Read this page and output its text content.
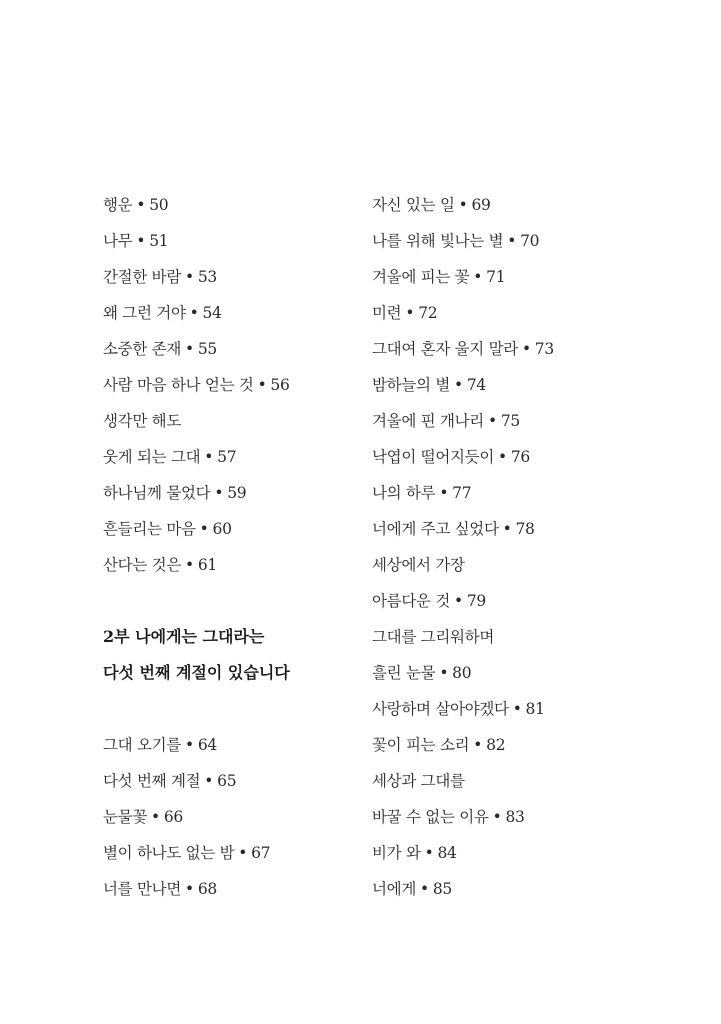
행운 • 50
나무 • 51
간절한 바람 • 53
왜 그런 거야 • 54
소중한 존재 • 55
사람 마음 하나 얻는 것 • 56
생각만 해도
웃게 되는 그대 • 57
하나님께 물었다 • 59
흔들리는 마음 • 60
산다는 것은 • 61
2부 나에게는 그대라는
다섯 번째 계절이 있습니다
그대 오기를 • 64
다섯 번째 계절 • 65
눈물꽃 • 66
별이 하나도 없는 밤 • 67
너를 만나면 • 68
자신 있는 일 • 69
나를 위해 빛나는 별 • 70
겨울에 피는 꽃 • 71
미련 • 72
그대여 혼자 울지 말라 • 73
밤하늘의 별 • 74
겨울에 핀 개나리 • 75
낙엽이 떨어지듯이 • 76
나의 하루 • 77
너에게 주고 싶었다 • 78
세상에서 가장
아름다운 것 • 79
그대를 그리워하며
흘린 눈물 • 80
사랑하며 살아야겠다 • 81
꽃이 피는 소리 • 82
세상과 그대를
바꿀 수 없는 이유 • 83
비가 와 • 84
너에게 • 85
